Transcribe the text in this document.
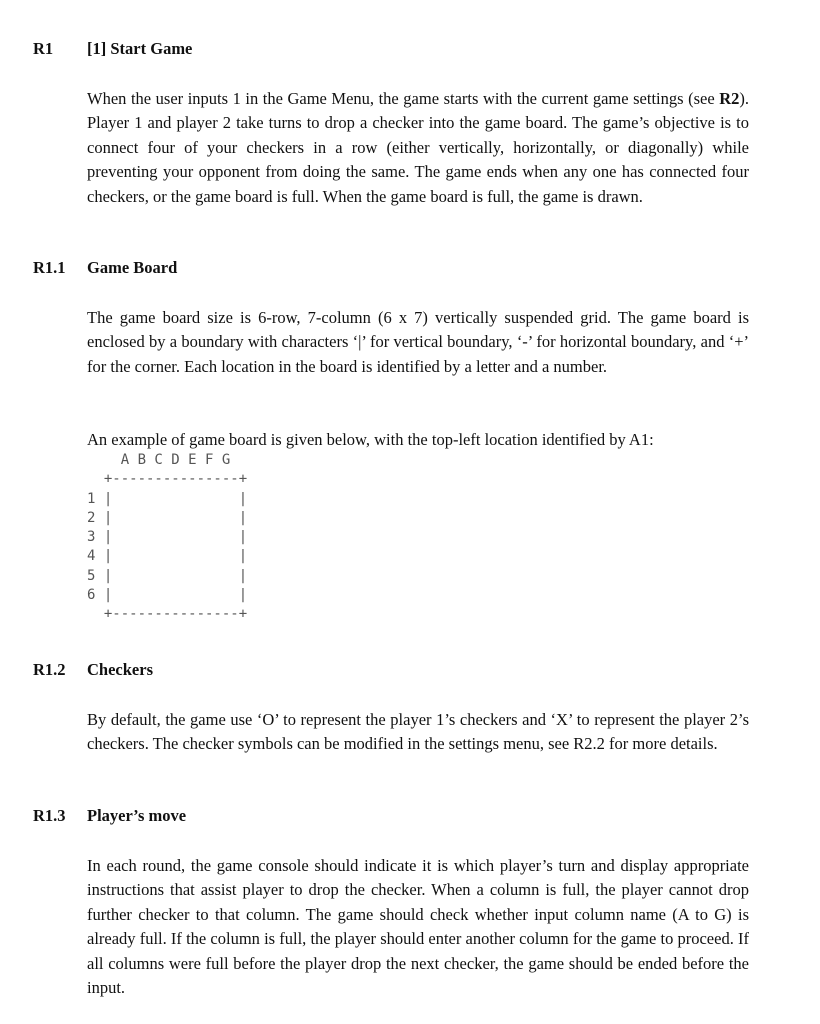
R1 [1] Start Game
When the user inputs 1 in the Game Menu, the game starts with the current game settings (see R2). Player 1 and player 2 take turns to drop a checker into the game board. The game’s objective is to connect four of your checkers in a row (either vertically, horizontally, or diagonally) while preventing your opponent from doing the same. The game ends when any one has connected four checkers, or the game board is full. When the game board is full, the game is drawn.
R1.1 Game Board
The game board size is 6-row, 7-column (6 x 7) vertically suspended grid. The game board is enclosed by a boundary with characters ‘|’ for vertical boundary, ‘-’ for horizontal boundary, and ‘+’ for the corner. Each location in the board is identified by a letter and a number.
An example of game board is given below, with the top-left location identified by A1:
A B C D E F G
+---------------+
1 |               |
2 |               |
3 |               |
4 |               |
5 |               |
6 |               |
+---------------+
R1.2 Checkers
By default, the game use ‘O’ to represent the player 1’s checkers and ‘X’ to represent the player 2’s checkers. The checker symbols can be modified in the settings menu, see R2.2 for more details.
R1.3 Player’s move
In each round, the game console should indicate it is which player’s turn and display appropriate instructions that assist player to drop the checker. When a column is full, the player cannot drop further checker to that column. The game should check whether input column name (A to G) is already full. If the column is full, the player should enter another column for the game to proceed. If all columns were full before the player drop the next checker, the game should be ended before the input.
